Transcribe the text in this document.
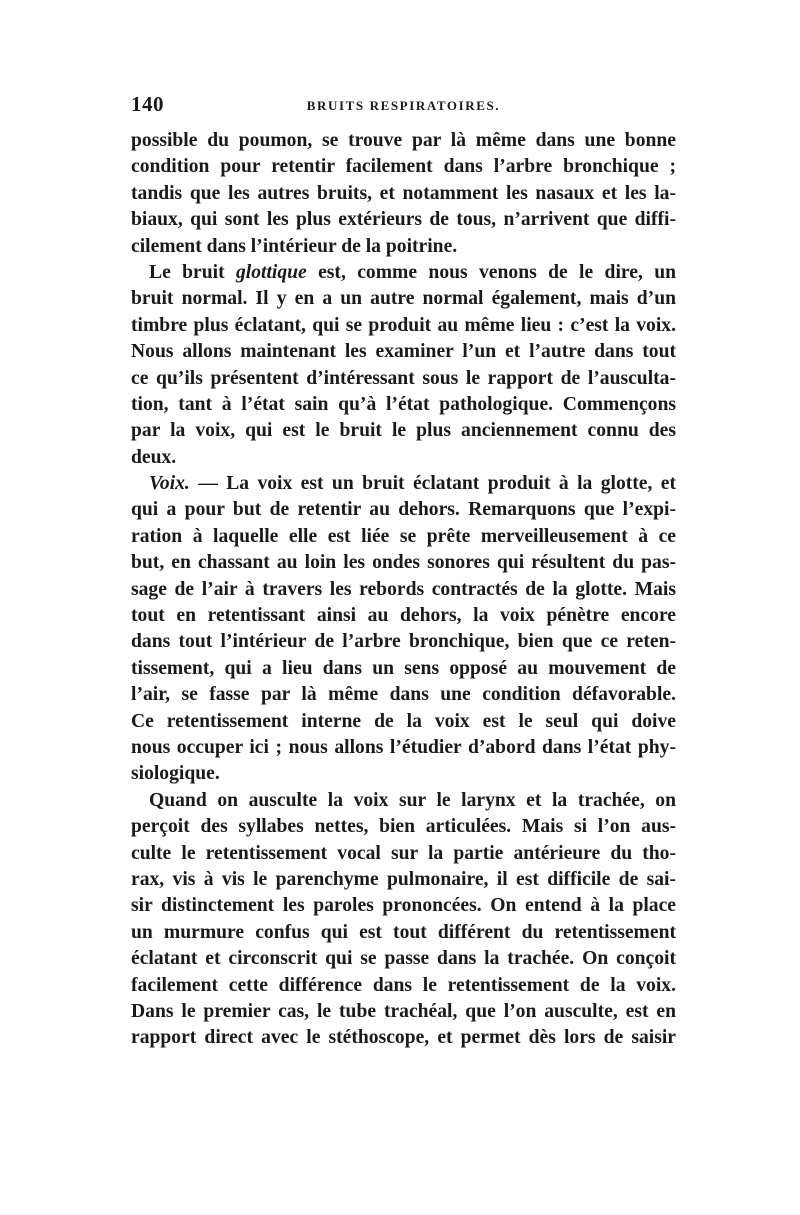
140	BRUITS RESPIRATOIRES.
possible du poumon, se trouve par là même dans une bonne
condition pour retentir facilement dans l’arbre bronchique ;
tandis que les autres bruits, et notamment les nasaux et les la-
biaux, qui sont les plus extérieurs de tous, n’arrivent que diffi-
cilement dans l’intérieur de la poitrine.
Le bruit glottique est, comme nous venons de le dire, un
bruit normal. Il y en a un autre normal également, mais d’un
timbre plus éclatant, qui se produit au même lieu : c’est la voix.
Nous allons maintenant les examiner l’un et l’autre dans tout
ce qu’ils présentent d’intéressant sous le rapport de l’ausculta-
tion, tant à l’état sain qu’à l’état pathologique. Commençons
par la voix, qui est le bruit le plus anciennement connu des
deux.
Voix. — La voix est un bruit éclatant produit à la glotte, et
qui a pour but de retentir au dehors. Remarquons que l’expi-
ration à laquelle elle est liée se prête merveilleusement à ce
but, en chassant au loin les ondes sonores qui résultent du pas-
sage de l’air à travers les rebords contractés de la glotte. Mais
tout en retentissant ainsi au dehors, la voix pénètre encore
dans tout l’intérieur de l’arbre bronchique, bien que ce reten-
tissement, qui a lieu dans un sens opposé au mouvement de
l’air, se fasse par là même dans une condition défavorable.
Ce retentissement interne de la voix est le seul qui doive
nous occuper ici ; nous allons l’étudier d’abord dans l’état phy-
siologique.
Quand on ausculte la voix sur le larynx et la trachée, on
perçoit des syllabes nettes, bien articulées. Mais si l’on aus-
culte le retentissement vocal sur la partie antérieure du tho-
rax, vis à vis le parenchyme pulmonaire, il est difficile de sai-
sir distinctement les paroles prononcées. On entend à la place
un murmure confus qui est tout différent du retentissement
éclatant et circonscrit qui se passe dans la trachée. On conçoit
facilement cette différence dans le retentissement de la voix.
Dans le premier cas, le tube trachéal, que l’on ausculte, est en
rapport direct avec le stéthoscope, et permet dès lors de saisir
